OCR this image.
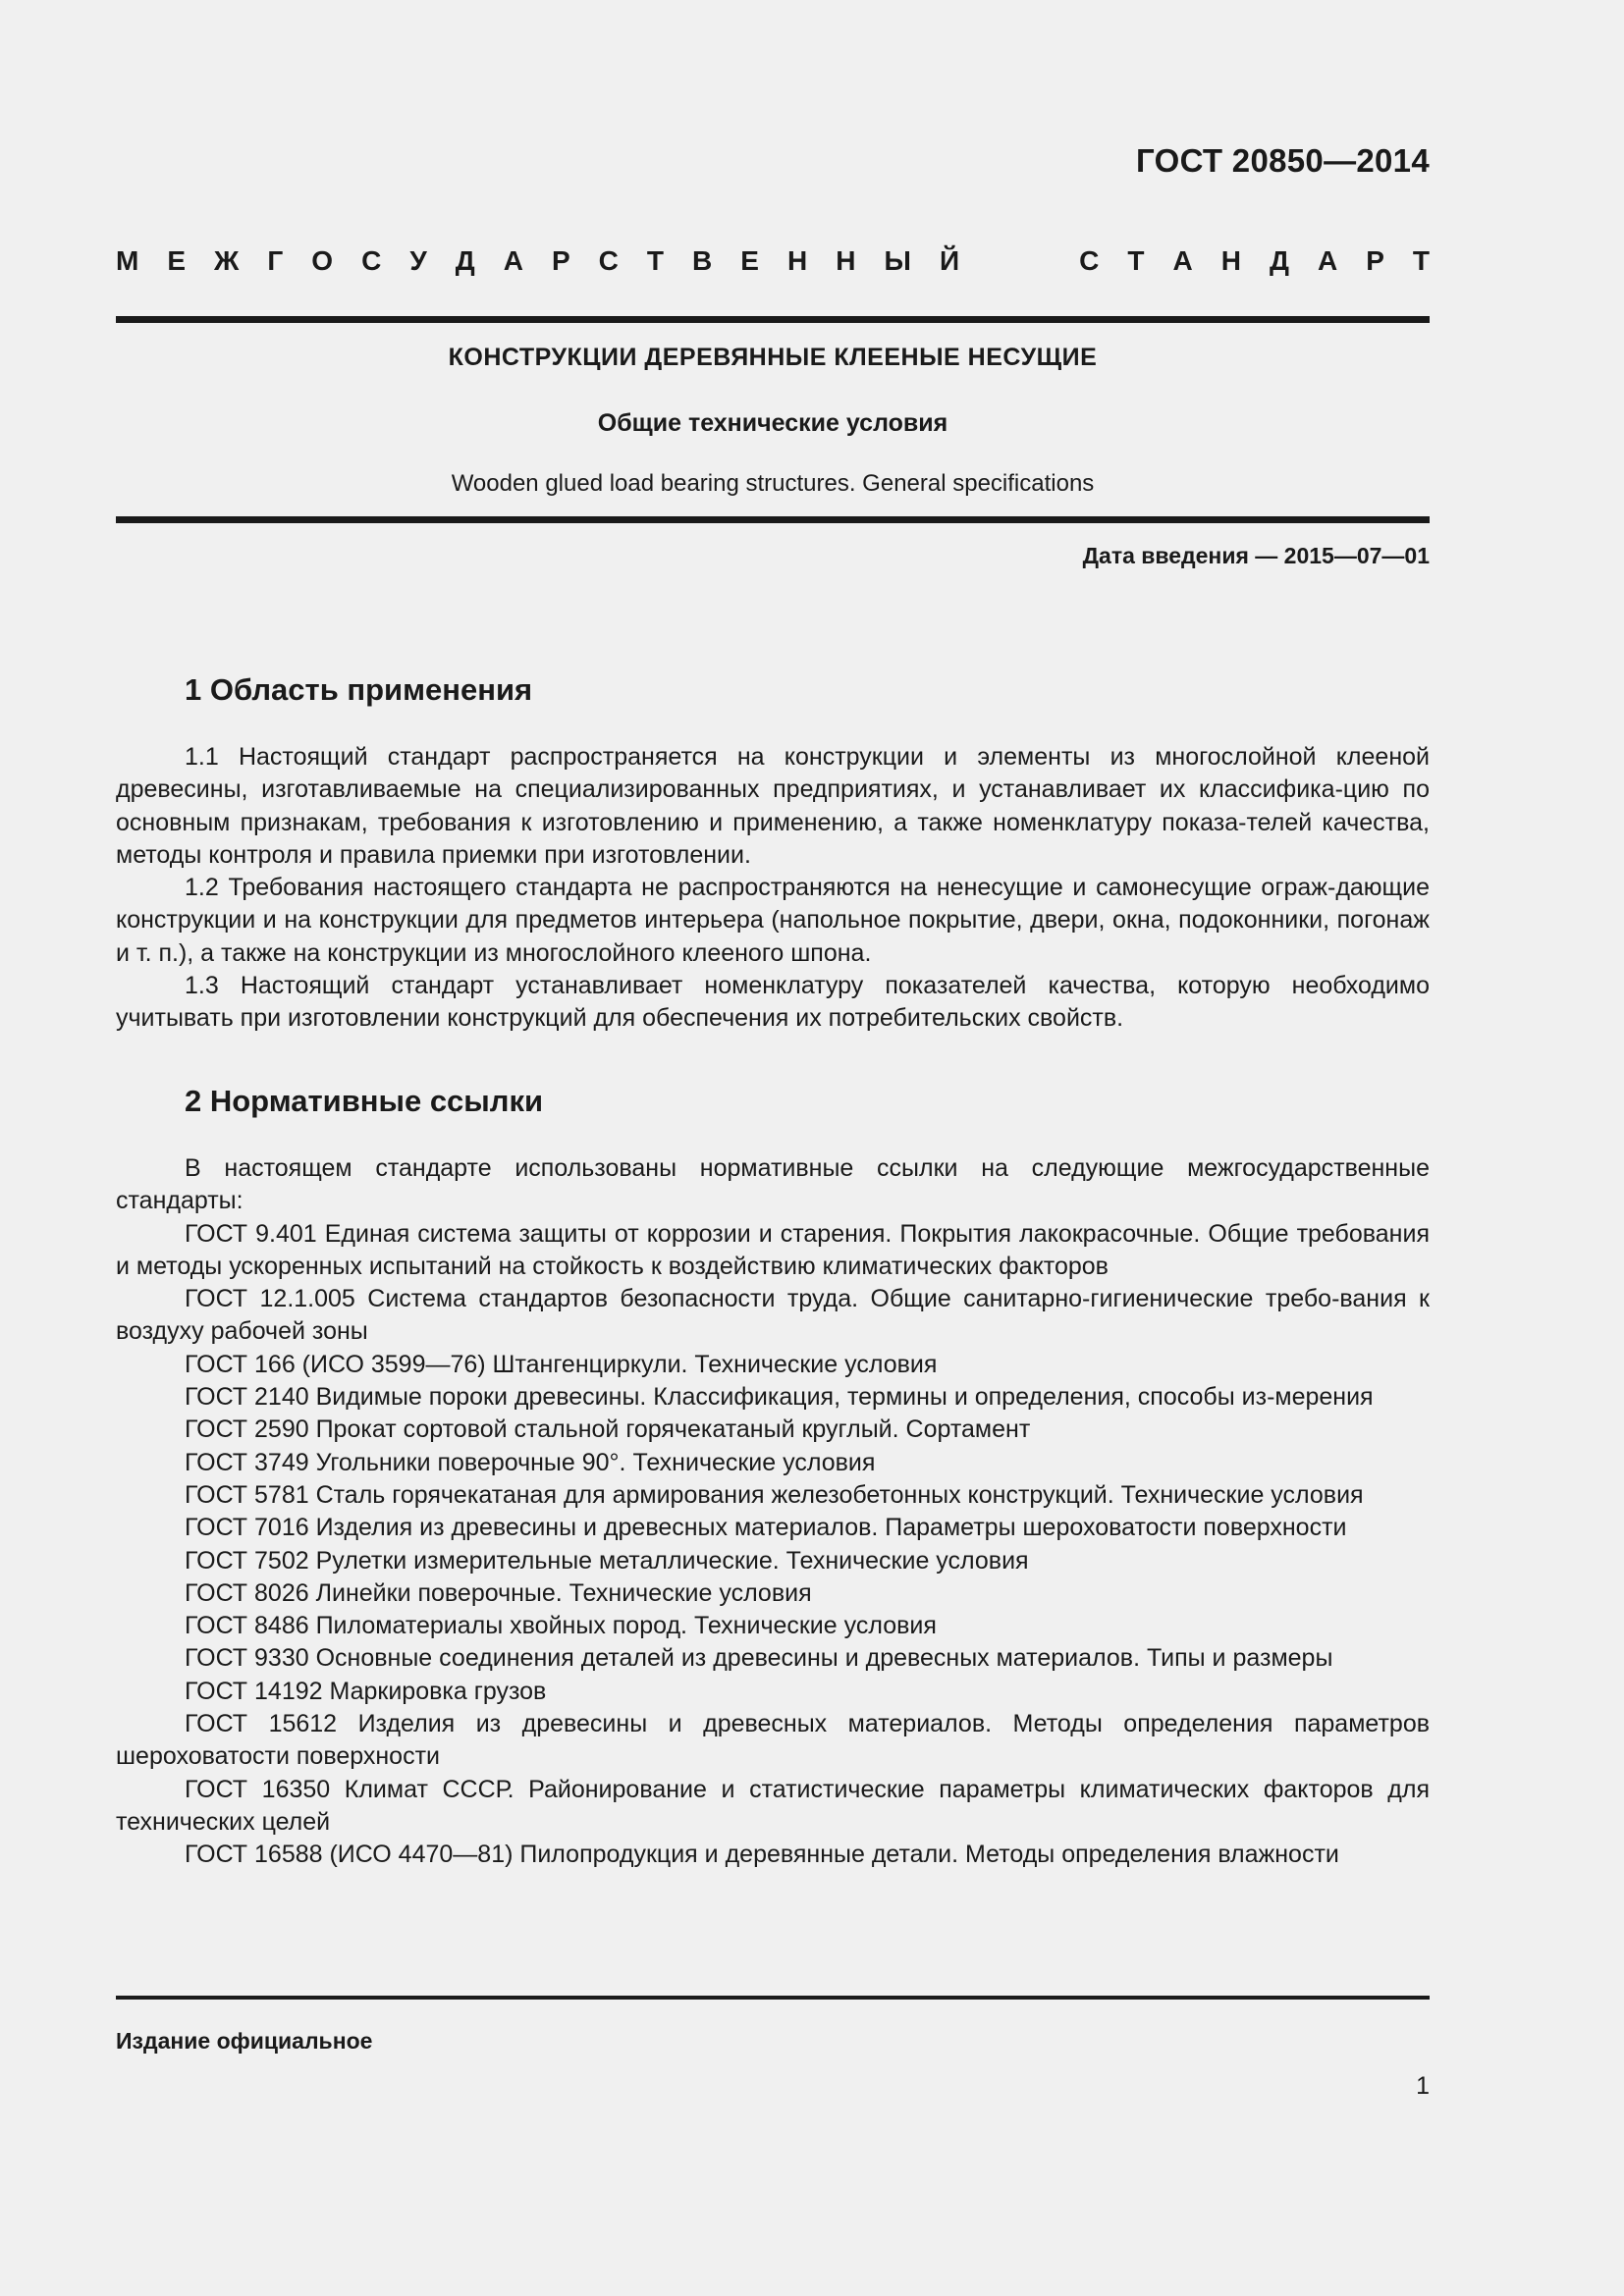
ГОСТ 20850—2014
М Е Ж Г О С У Д А Р С Т В Е Н Н Ы Й	С Т А Н Д А Р Т
КОНСТРУКЦИИ ДЕРЕВЯННЫЕ КЛЕЕНЫЕ НЕСУЩИЕ
Общие технические условия
Wooden glued load bearing structures. General specifications
Дата введения — 2015—07—01
1 Область применения

1.1 Настоящий стандарт распространяется на конструкции и элементы из многослойной клееной древесины, изготавливаемые на специализированных предприятиях, и устанавливает их классифика-цию по основным признакам, требования к изготовлению и применению, а также номенклатуру показа-телей качества, методы контроля и правила приемки при изготовлении.

1.2 Требования настоящего стандарта не распространяются на ненесущие и самонесущие ограж-дающие конструкции и на конструкции для предметов интерьера (напольное покрытие, двери, окна, подоконники, погонаж и т. п.), а также на конструкции из многослойного клееного шпона.

1.3 Настоящий стандарт устанавливает номенклатуру показателей качества, которую необходимо учитывать при изготовлении конструкций для обеспечения их потребительских свойств.

2 Нормативные ссылки

В настоящем стандарте использованы нормативные ссылки на следующие межгосударственные стандарты:

ГОСТ 9.401 Единая система защиты от коррозии и старения. Покрытия лакокрасочные. Общие требования и методы ускоренных испытаний на стойкость к воздействию климатических факторов

ГОСТ 12.1.005 Система стандартов безопасности труда. Общие санитарно-гигиенические требо-вания к воздуху рабочей зоны

ГОСТ 166 (ИСО 3599—76) Штангенциркули. Технические условия

ГОСТ 2140 Видимые пороки древесины. Классификация, термины и определения, способы из-мерения

ГОСТ 2590 Прокат сортовой стальной горячекатаный круглый. Сортамент

ГОСТ 3749 Угольники поверочные 90°. Технические условия

ГОСТ 5781 Сталь горячекатаная для армирования железобетонных конструкций. Технические условия

ГОСТ 7016 Изделия из древесины и древесных материалов. Параметры шероховатости поверхности

ГОСТ 7502 Рулетки измерительные металлические. Технические условия

ГОСТ 8026 Линейки поверочные. Технические условия

ГОСТ 8486 Пиломатериалы хвойных пород. Технические условия

ГОСТ 9330 Основные соединения деталей из древесины и древесных материалов. Типы и размеры

ГОСТ 14192 Маркировка грузов

ГОСТ 15612 Изделия из древесины и древесных материалов. Методы определения параметров шероховатости поверхности

ГОСТ 16350 Климат СССР. Районирование и статистические параметры климатических факторов для технических целей

ГОСТ 16588 (ИСО 4470—81) Пилопродукция и деревянные детали. Методы определения влажности

Издание официальное
1
